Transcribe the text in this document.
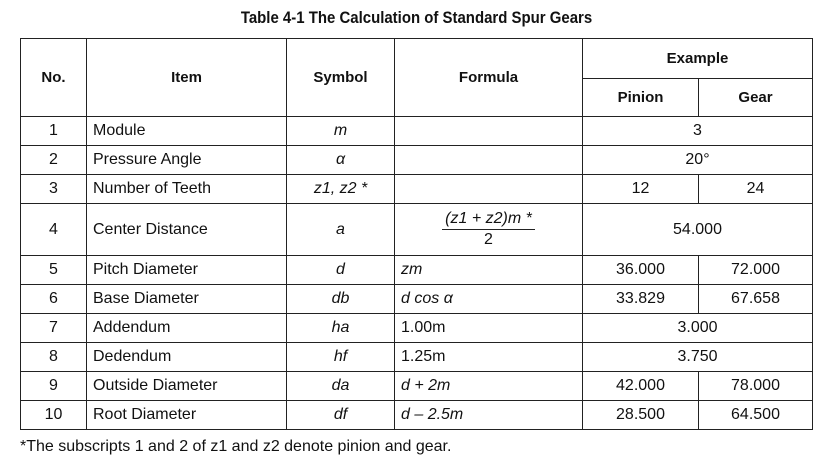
Table 4-1 The Calculation of Standard Spur Gears
No.	Item	Symbol	Formula	Example	
				Pinion	Gear
1	Module	m		3	
2	Pressure Angle	α		20°	
3	Number of Teeth	z1, z2 *		12	24
4	Center Distance	a	$\frac{(z1 + z2)m *}{2}$	54.000	
5	Pitch Diameter	d	zm	36.000	72.000
6	Base Diameter	db	d cos α	33.829	67.658
7	Addendum	ha	1.00m	3.000	
8	Dedendum	hf	1.25m	3.750	
9	Outside Diameter	da	d + 2m	42.000	78.000
10	Root Diameter	df	d – 2.5m	28.500	64.500
*The subscripts 1 and 2 of z1 and z2 denote pinion and gear.
